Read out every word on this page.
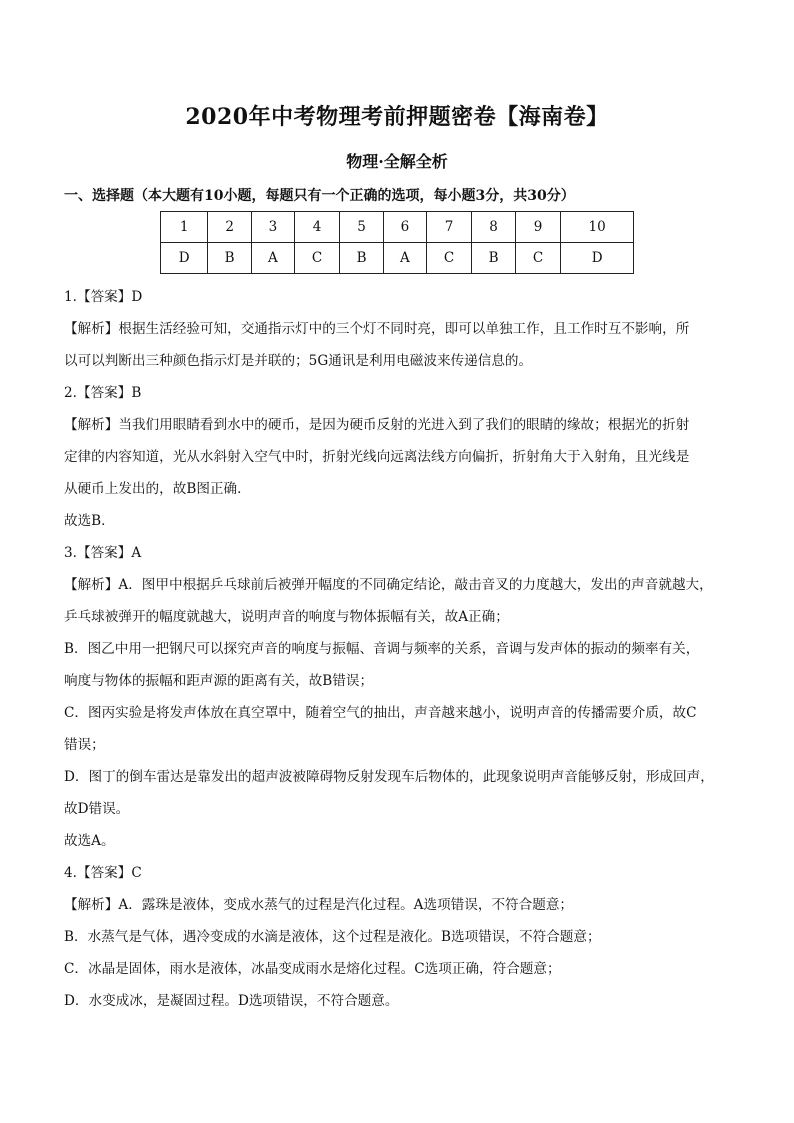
2020年中考物理考前押题密卷【海南卷】
物理·全解全析
一、选择题（本大题有10小题，每题只有一个正确的选项，每小题3分，共30分）
1	2	3	4	5	6	7	8	9	10
D	B	A	C	B	A	C	B	C	D

1.【答案】D

【解析】根据生活经验可知，交通指示灯中的三个灯不同时亮，即可以单独工作，且工作时互不影响，所

以可以判断出三种颜色指示灯是并联的；5G通讯是利用电磁波来传递信息的。

2.【答案】B

【解析】当我们用眼睛看到水中的硬币，是因为硬币反射的光进入到了我们的眼睛的缘故；根据光的折射

定律的内容知道，光从水斜射入空气中时，折射光线向远离法线方向偏折，折射角大于入射角，且光线是

从硬币上发出的，故B图正确．

故选B．

3.【答案】A

【解析】A．图甲中根据乒乓球前后被弹开幅度的不同确定结论，敲击音叉的力度越大，发出的声音就越大，

乒乓球被弹开的幅度就越大，说明声音的响度与物体振幅有关，故A正确；

B．图乙中用一把钢尺可以探究声音的响度与振幅、音调与频率的关系，音调与发声体的振动的频率有关，

响度与物体的振幅和距声源的距离有关，故B错误；

C．图丙实验是将发声体放在真空罩中，随着空气的抽出，声音越来越小，说明声音的传播需要介质，故C

错误；

D．图丁的倒车雷达是靠发出的超声波被障碍物反射发现车后物体的，此现象说明声音能够反射，形成回声，

故D错误。

故选A。

4.【答案】C

【解析】A．露珠是液体，变成水蒸气的过程是汽化过程。A选项错误，不符合题意；

B．水蒸气是气体，遇冷变成的水滴是液体，这个过程是液化。B选项错误，不符合题意；

C．冰晶是固体，雨水是液体，冰晶变成雨水是熔化过程。C选项正确，符合题意；

D．水变成冰，是凝固过程。D选项错误，不符合题意。
